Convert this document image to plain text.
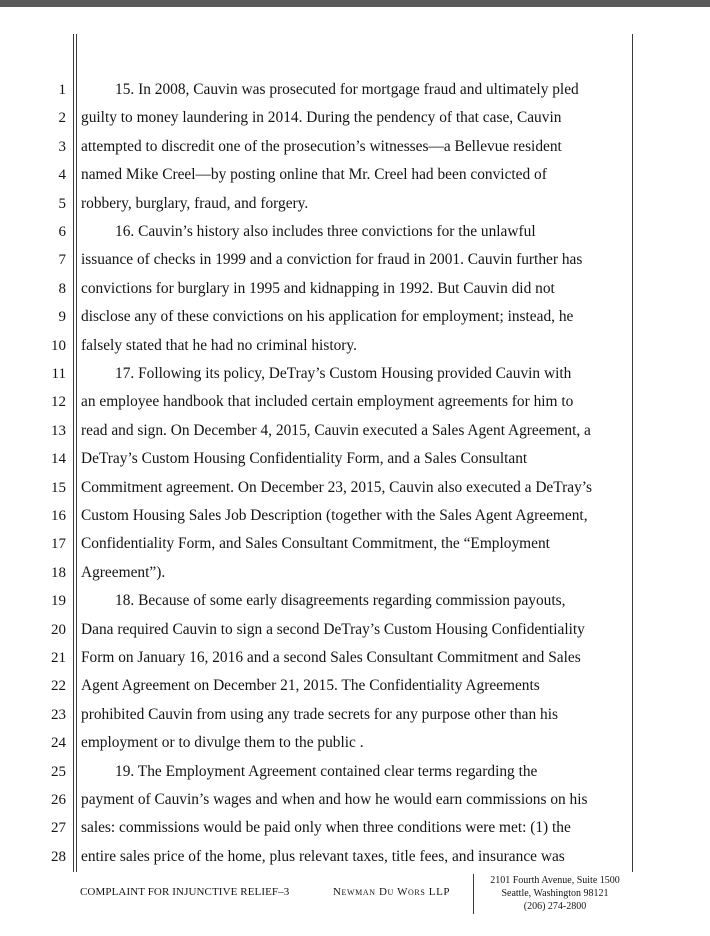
1
2
3
4
5
6
7
8
9
10
11
12
13
14
15
16
17
18
19
20
21
22
23
24
25
26
27
28
15. In 2008, Cauvin was prosecuted for mortgage fraud and ultimately pled
guilty to money laundering in 2014. During the pendency of that case, Cauvin
attempted to discredit one of the prosecution’s witnesses—a Bellevue resident
named Mike Creel—by posting online that Mr. Creel had been convicted of
robbery, burglary, fraud, and forgery.
16. Cauvin’s history also includes three convictions for the unlawful
issuance of checks in 1999 and a conviction for fraud in 2001. Cauvin further has
convictions for burglary in 1995 and kidnapping in 1992. But Cauvin did not
disclose any of these convictions on his application for employment; instead, he
falsely stated that he had no criminal history.
17. Following its policy, DeTray’s Custom Housing provided Cauvin with
an employee handbook that included certain employment agreements for him to
read and sign. On December 4, 2015, Cauvin executed a Sales Agent Agreement, a
DeTray’s Custom Housing Confidentiality Form, and a Sales Consultant
Commitment agreement. On December 23, 2015, Cauvin also executed a DeTray’s
Custom Housing Sales Job Description (together with the Sales Agent Agreement,
Confidentiality Form, and Sales Consultant Commitment, the “Employment
Agreement”).
18. Because of some early disagreements regarding commission payouts,
Dana required Cauvin to sign a second DeTray’s Custom Housing Confidentiality
Form on January 16, 2016 and a second Sales Consultant Commitment and Sales
Agent Agreement on December 21, 2015. The Confidentiality Agreements
prohibited Cauvin from using any trade secrets for any purpose other than his
employment or to divulge them to the public .
19. The Employment Agreement contained clear terms regarding the
payment of Cauvin’s wages and when and how he would earn commissions on his
sales: commissions would be paid only when three conditions were met: (1) the
entire sales price of the home, plus relevant taxes, title fees, and insurance was
COMPLAINT FOR INJUNCTIVE RELIEF–3	Newman Du Wors LLP
2101 Fourth Avenue, Suite 1500
Seattle, Washington 98121
(206) 274-2800
